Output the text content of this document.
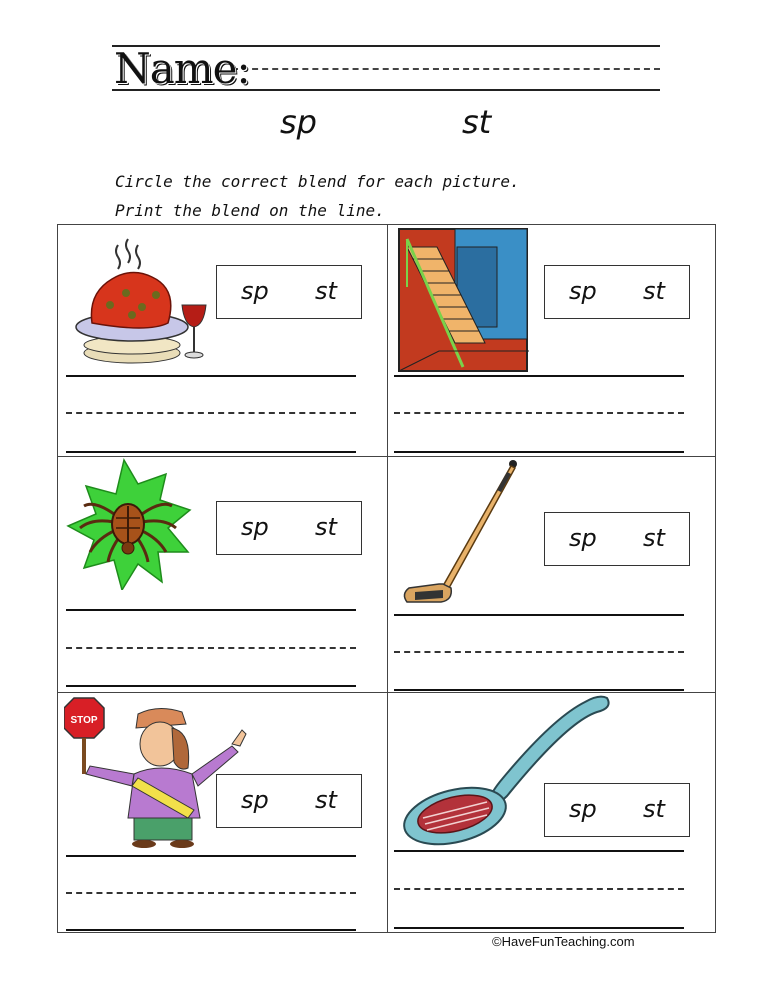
Name:
sp	st
Circle the correct blend for each picture.
Print the blend on the line.
sp st	sp st
sp st	sp st
STOP
sp st	sp st
©HaveFunTeaching.com
